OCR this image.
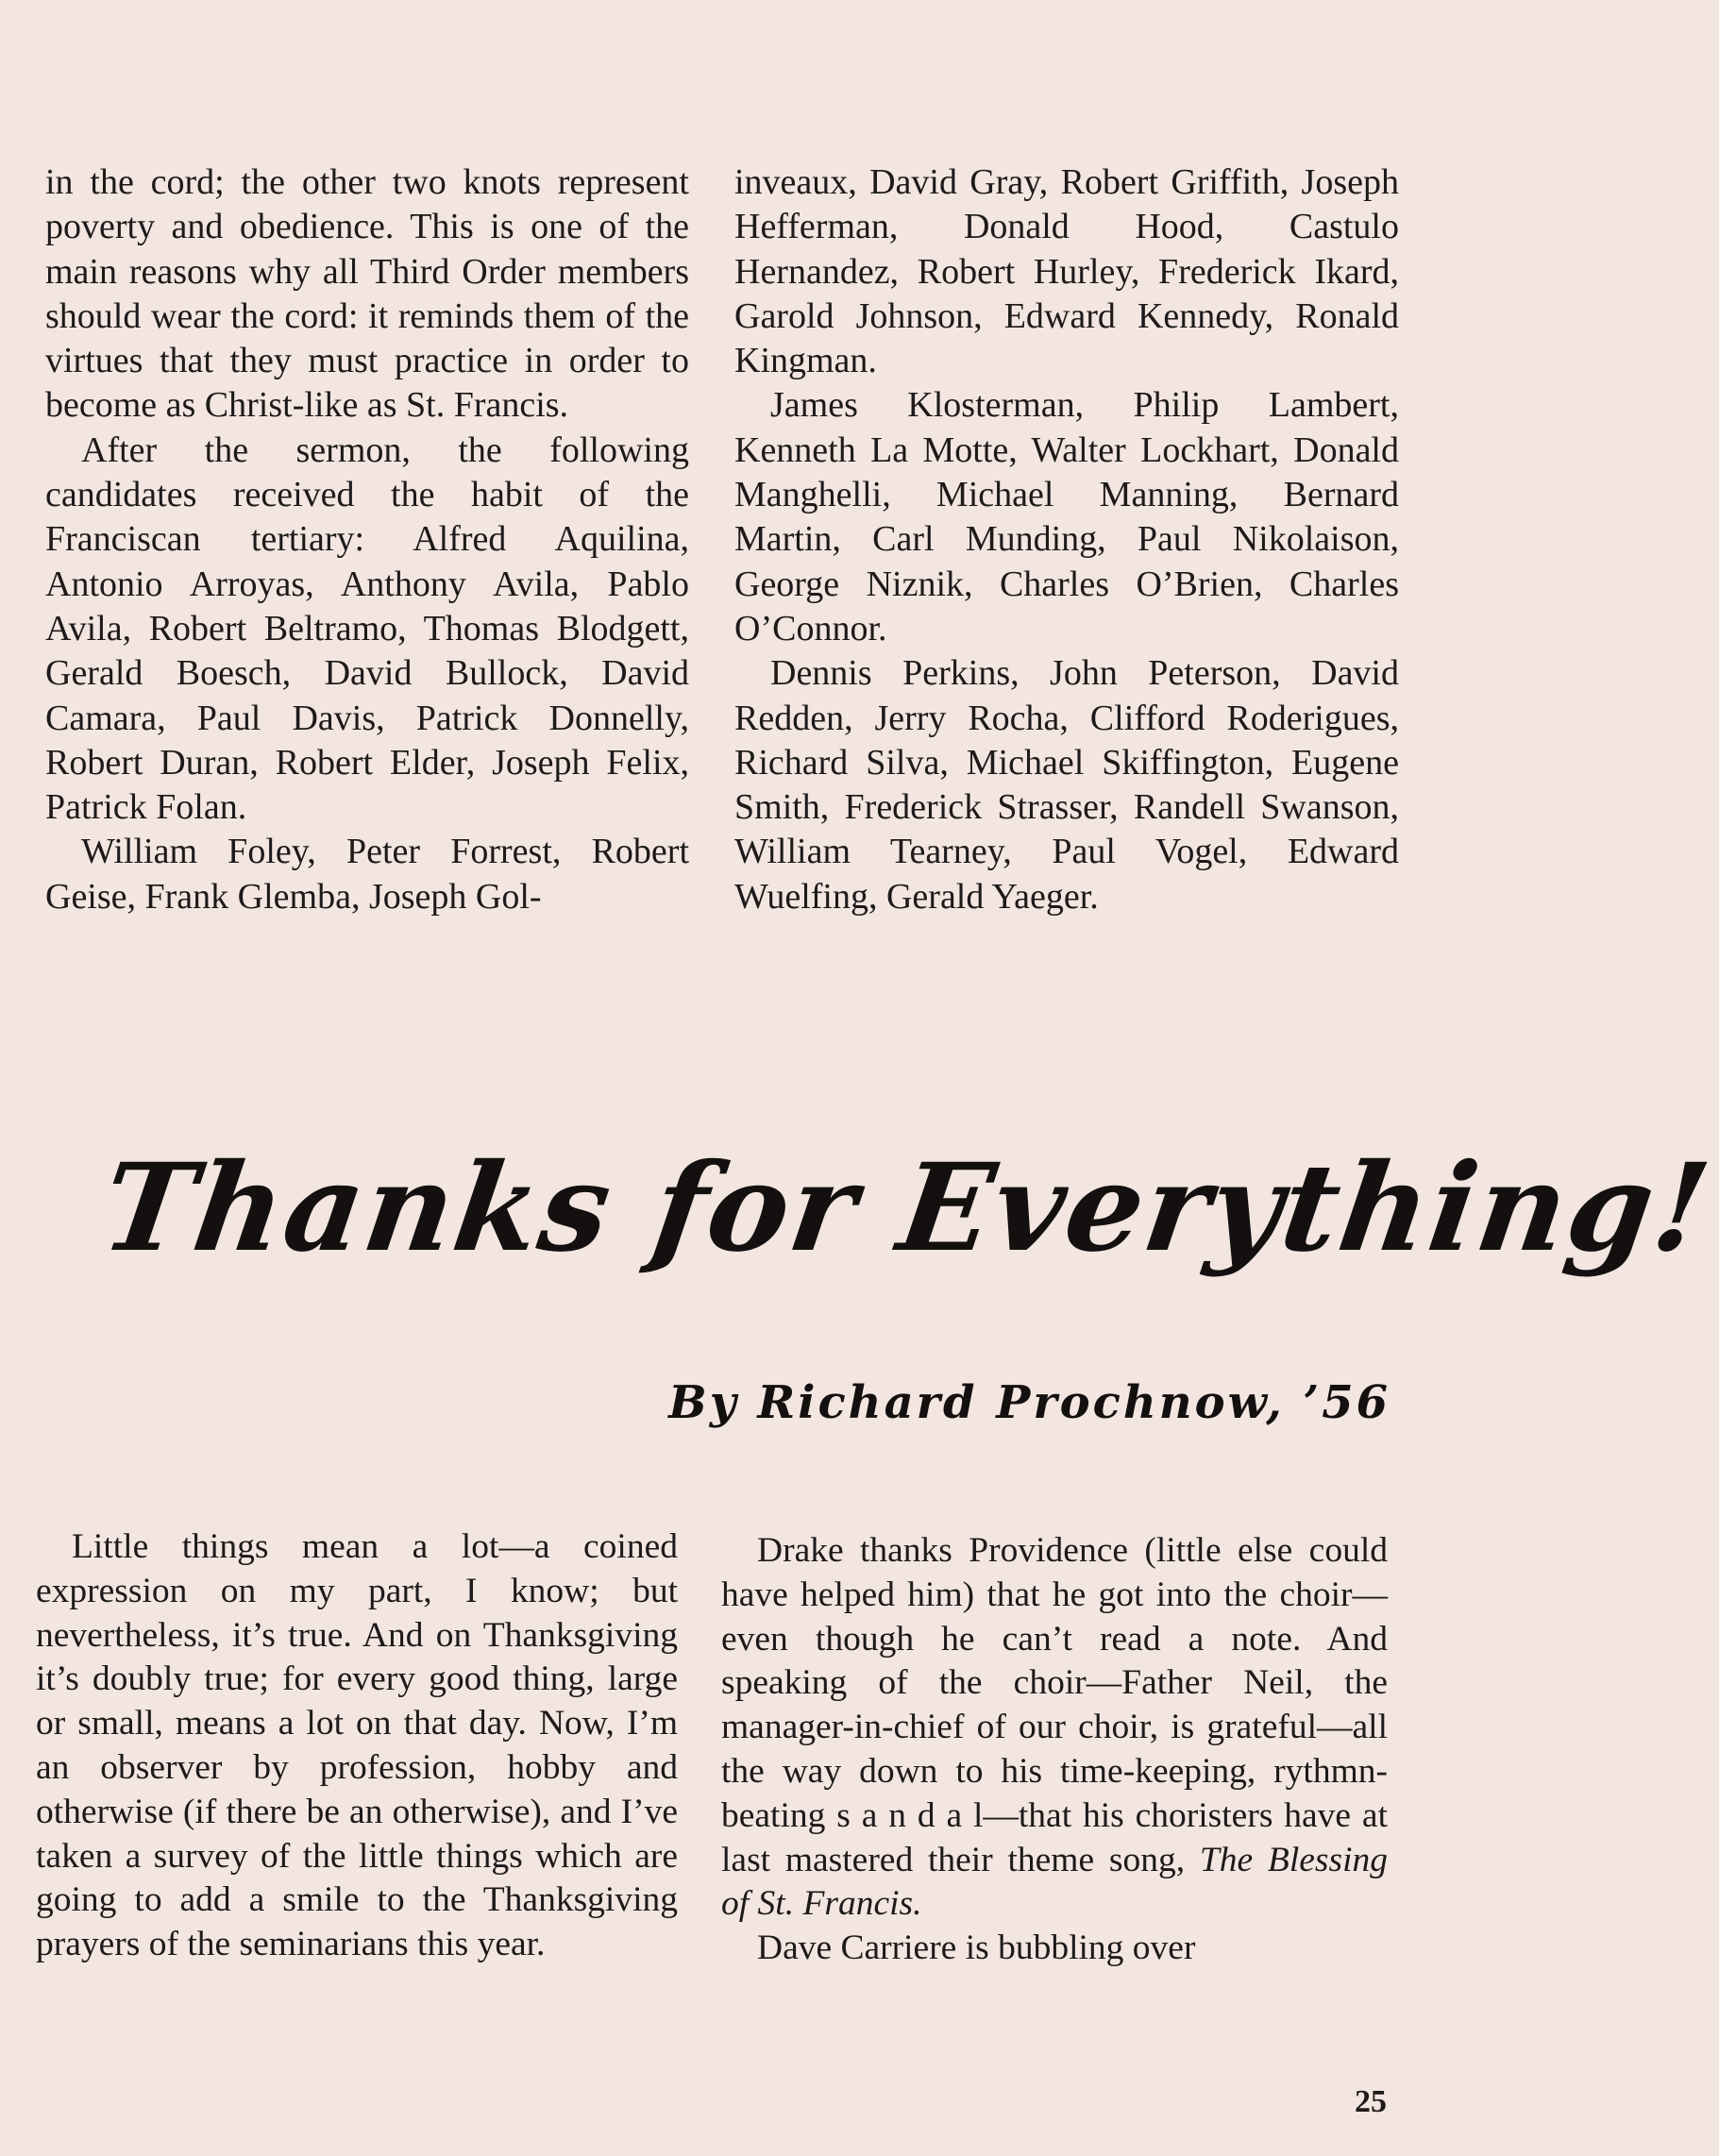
in the cord; the other two knots represent poverty and obedience. This is one of the main reasons why all Third Order members should wear the cord: it reminds them of the virtues that they must practice in order to become as Christ-like as St. Francis.

After the sermon, the following candidates received the habit of the Franciscan tertiary: Alfred Aquilina, Antonio Arroyas, Anthony Avila, Pablo Avila, Robert Beltramo, Thomas Blodgett, Gerald Boesch, David Bullock, David Camara, Paul Davis, Patrick Donnelly, Robert Duran, Robert Elder, Joseph Felix, Patrick Folan.

William Foley, Peter Forrest, Robert Geise, Frank Glemba, Joseph Gol-

inveaux, David Gray, Robert Griffith, Joseph Hefferman, Donald Hood, Castulo Hernandez, Robert Hurley, Frederick Ikard, Garold Johnson, Edward Kennedy, Ronald Kingman.

James Klosterman, Philip Lambert, Kenneth La Motte, Walter Lockhart, Donald Manghelli, Michael Manning, Bernard Martin, Carl Munding, Paul Nikolaison, George Niznik, Charles O’Brien, Charles O’Connor.

Dennis Perkins, John Peterson, David Redden, Jerry Rocha, Clifford Roderigues, Richard Silva, Michael Skiffington, Eugene Smith, Frederick Strasser, Randell Swanson, William Tearney, Paul Vogel, Edward Wuelfing, Gerald Yaeger.

Thanks for Everything!
By Richard Prochnow, ’56

Little things mean a lot—a coined expression on my part, I know; but nevertheless, it’s true. And on Thanksgiving it’s doubly true; for every good thing, large or small, means a lot on that day. Now, I’m an observer by profession, hobby and otherwise (if there be an otherwise), and I’ve taken a survey of the little things which are going to add a smile to the Thanksgiving prayers of the seminarians this year.

Drake thanks Providence (little else could have helped him) that he got into the choir—even though he can’t read a note. And speaking of the choir—Father Neil, the manager-in-chief of our choir, is grateful—all the way down to his time-keeping, rythmn-beating s a n d a l—that his choristers have at last mastered their theme song, The Blessing of St. Francis.

Dave Carriere is bubbling over

25
